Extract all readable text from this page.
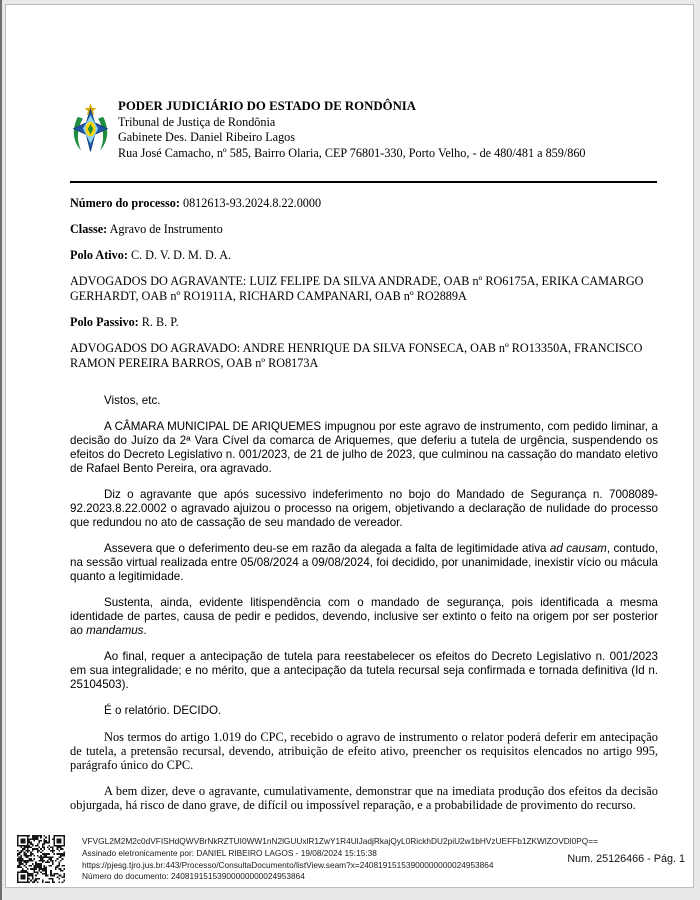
PODER JUDICIÁRIO DO ESTADO DE RONDÔNIA

Tribunal de Justiça de Rondônia

Gabinete Des. Daniel Ribeiro Lagos

Rua José Camacho, nº 585, Bairro Olaria, CEP 76801-330, Porto Velho, - de 480/481 a 859/860

Número do processo: 0812613-93.2024.8.22.0000

Classe: Agravo de Instrumento

Polo Ativo: C. D. V. D. M. D. A.

ADVOGADOS DO AGRAVANTE: LUIZ FELIPE DA SILVA ANDRADE, OAB nº RO6175A, ERIKA CAMARGO GERHARDT, OAB nº RO1911A, RICHARD CAMPANARI, OAB nº RO2889A

Polo Passivo: R. B. P.

ADVOGADOS DO AGRAVADO: ANDRE HENRIQUE DA SILVA FONSECA, OAB nº RO13350A, FRANCISCO RAMON PEREIRA BARROS, OAB nº RO8173A

Vistos, etc.

A CÂMARA MUNICIPAL DE ARIQUEMES impugnou por este agravo de instrumento, com pedido liminar, a decisão do Juízo da 2ª Vara Cível da comarca de Ariquemes, que deferiu a tutela de urgência, suspendendo os efeitos do Decreto Legislativo n. 001/2023, de 21 de julho de 2023, que culminou na cassação do mandato eletivo de Rafael Bento Pereira, ora agravado.

Diz o agravante que após sucessivo indeferimento no bojo do Mandado de Segurança n. 7008089-92.2023.8.22.0002 o agravado ajuizou o processo na origem, objetivando a declaração de nulidade do processo que redundou no ato de cassação de seu mandado de vereador.

Assevera que o deferimento deu-se em razão da alegada a falta de legitimidade ativa ad causam, contudo, na sessão virtual realizada entre 05/08/2024 a 09/08/2024, foi decidido, por unanimidade, inexistir vício ou mácula quanto a legitimidade.

Sustenta, ainda, evidente litispendência com o mandado de segurança, pois identificada a mesma identidade de partes, causa de pedir e pedidos, devendo, inclusive ser extinto o feito na origem por ser posterior ao mandamus.

Ao final, requer a antecipação de tutela para reestabelecer os efeitos do Decreto Legislativo n. 001/2023 em sua integralidade; e no mérito, que a antecipação da tutela recursal seja confirmada e tornada definitiva (Id n. 25104503).

É o relatório. DECIDO.

Nos termos do artigo 1.019 do CPC, recebido o agravo de instrumento o relator poderá deferir em antecipação de tutela, a pretensão recursal, devendo, atribuição de efeito ativo, preencher os requisitos elencados no artigo 995, parágrafo único do CPC.

A bem dizer, deve o agravante, cumulativamente, demonstrar que na imediata produção dos efeitos da decisão objurgada, há risco de dano grave, de difícil ou impossível reparação, e a probabilidade de provimento do recurso.

VFVGL2M2M2c0dVFISHdQWVBrNkRZTUI0WW1nN2lGUUxlR1ZwY1R4UlJadjRkajQyL0RickhDU2piU2w1bHVzUEFFb1ZKWlZOVDl0PQ==
Assinado eletronicamente por: DANIEL RIBEIRO LAGOS - 19/08/2024 15:15:38
https://pjesg.tjro.jus.br:443/Processo/ConsultaDocumento/listView.seam?x=24081915153900000000024953864
Número do documento: 24081915153900000000024953864
Num. 25126466 - Pág. 1
